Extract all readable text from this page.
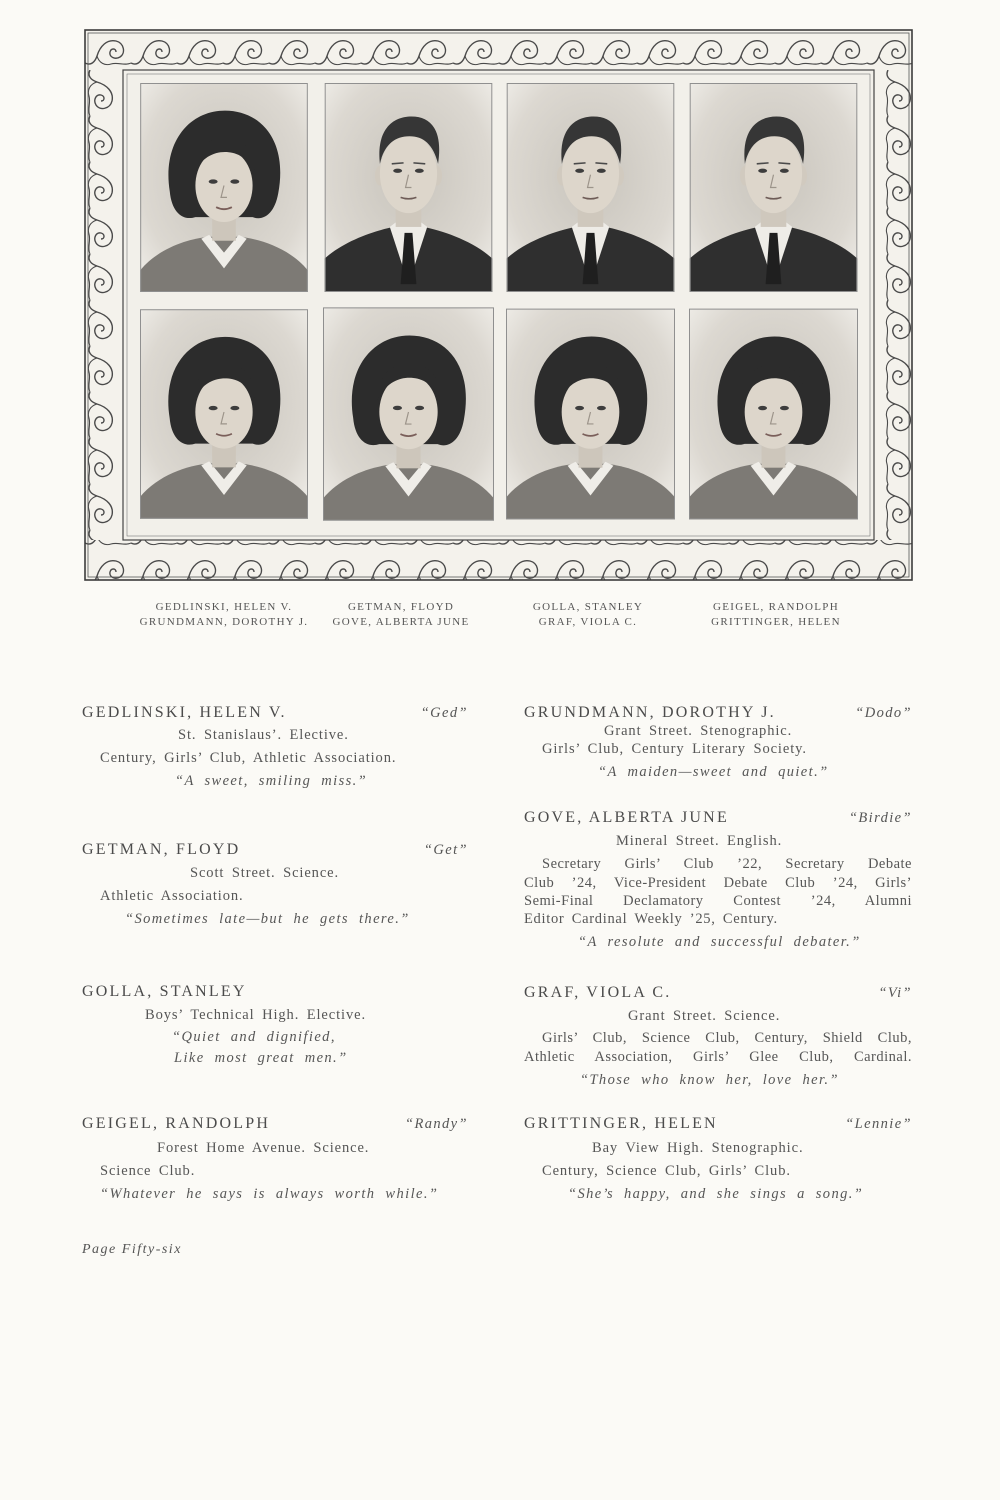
GEDLINSKI, HELEN V.
GRUNDMANN, DOROTHY J.
GETMAN, FLOYD
GOVE, ALBERTA JUNE
GOLLA, STANLEY
GRAF, VIOLA C.
GEIGEL, RANDOLPH
GRITTINGER, HELEN
GEDLINSKI, HELEN V.	“Ged”
St. Stanislaus’. Elective.
Century, Girls’ Club, Athletic Association.
“A sweet, smiling miss.”
GETMAN, FLOYD	“Get”
Scott Street. Science.
Athletic Association.
“Sometimes late—but he gets there.”
GOLLA, STANLEY
Boys’ Technical High. Elective.
“Quiet and dignified,
Like most great men.”
GEIGEL, RANDOLPH	“Randy”
Forest Home Avenue. Science.
Science Club.
“Whatever he says is always worth while.”
GRUNDMANN, DOROTHY J.	“Dodo”
Grant Street. Stenographic.
Girls’ Club, Century Literary Society.
“A maiden—sweet and quiet.”
GOVE, ALBERTA JUNE	“Birdie”
Mineral Street. English.
Secretary Girls’ Club ’22, Secretary Debate
Club ’24, Vice-President Debate Club ’24, Girls’
Semi-Final Declamatory Contest ’24, Alumni
Editor Cardinal Weekly ’25, Century.
“A resolute and successful debater.”
GRAF, VIOLA C.	“Vi”
Grant Street. Science.
Girls’ Club, Science Club, Century, Shield Club,
Athletic Association, Girls’ Glee Club, Cardinal.
“Those who know her, love her.”
GRITTINGER, HELEN	“Lennie”
Bay View High. Stenographic.
Century, Science Club, Girls’ Club.
“She’s happy, and she sings a song.”
Page Fifty-six
